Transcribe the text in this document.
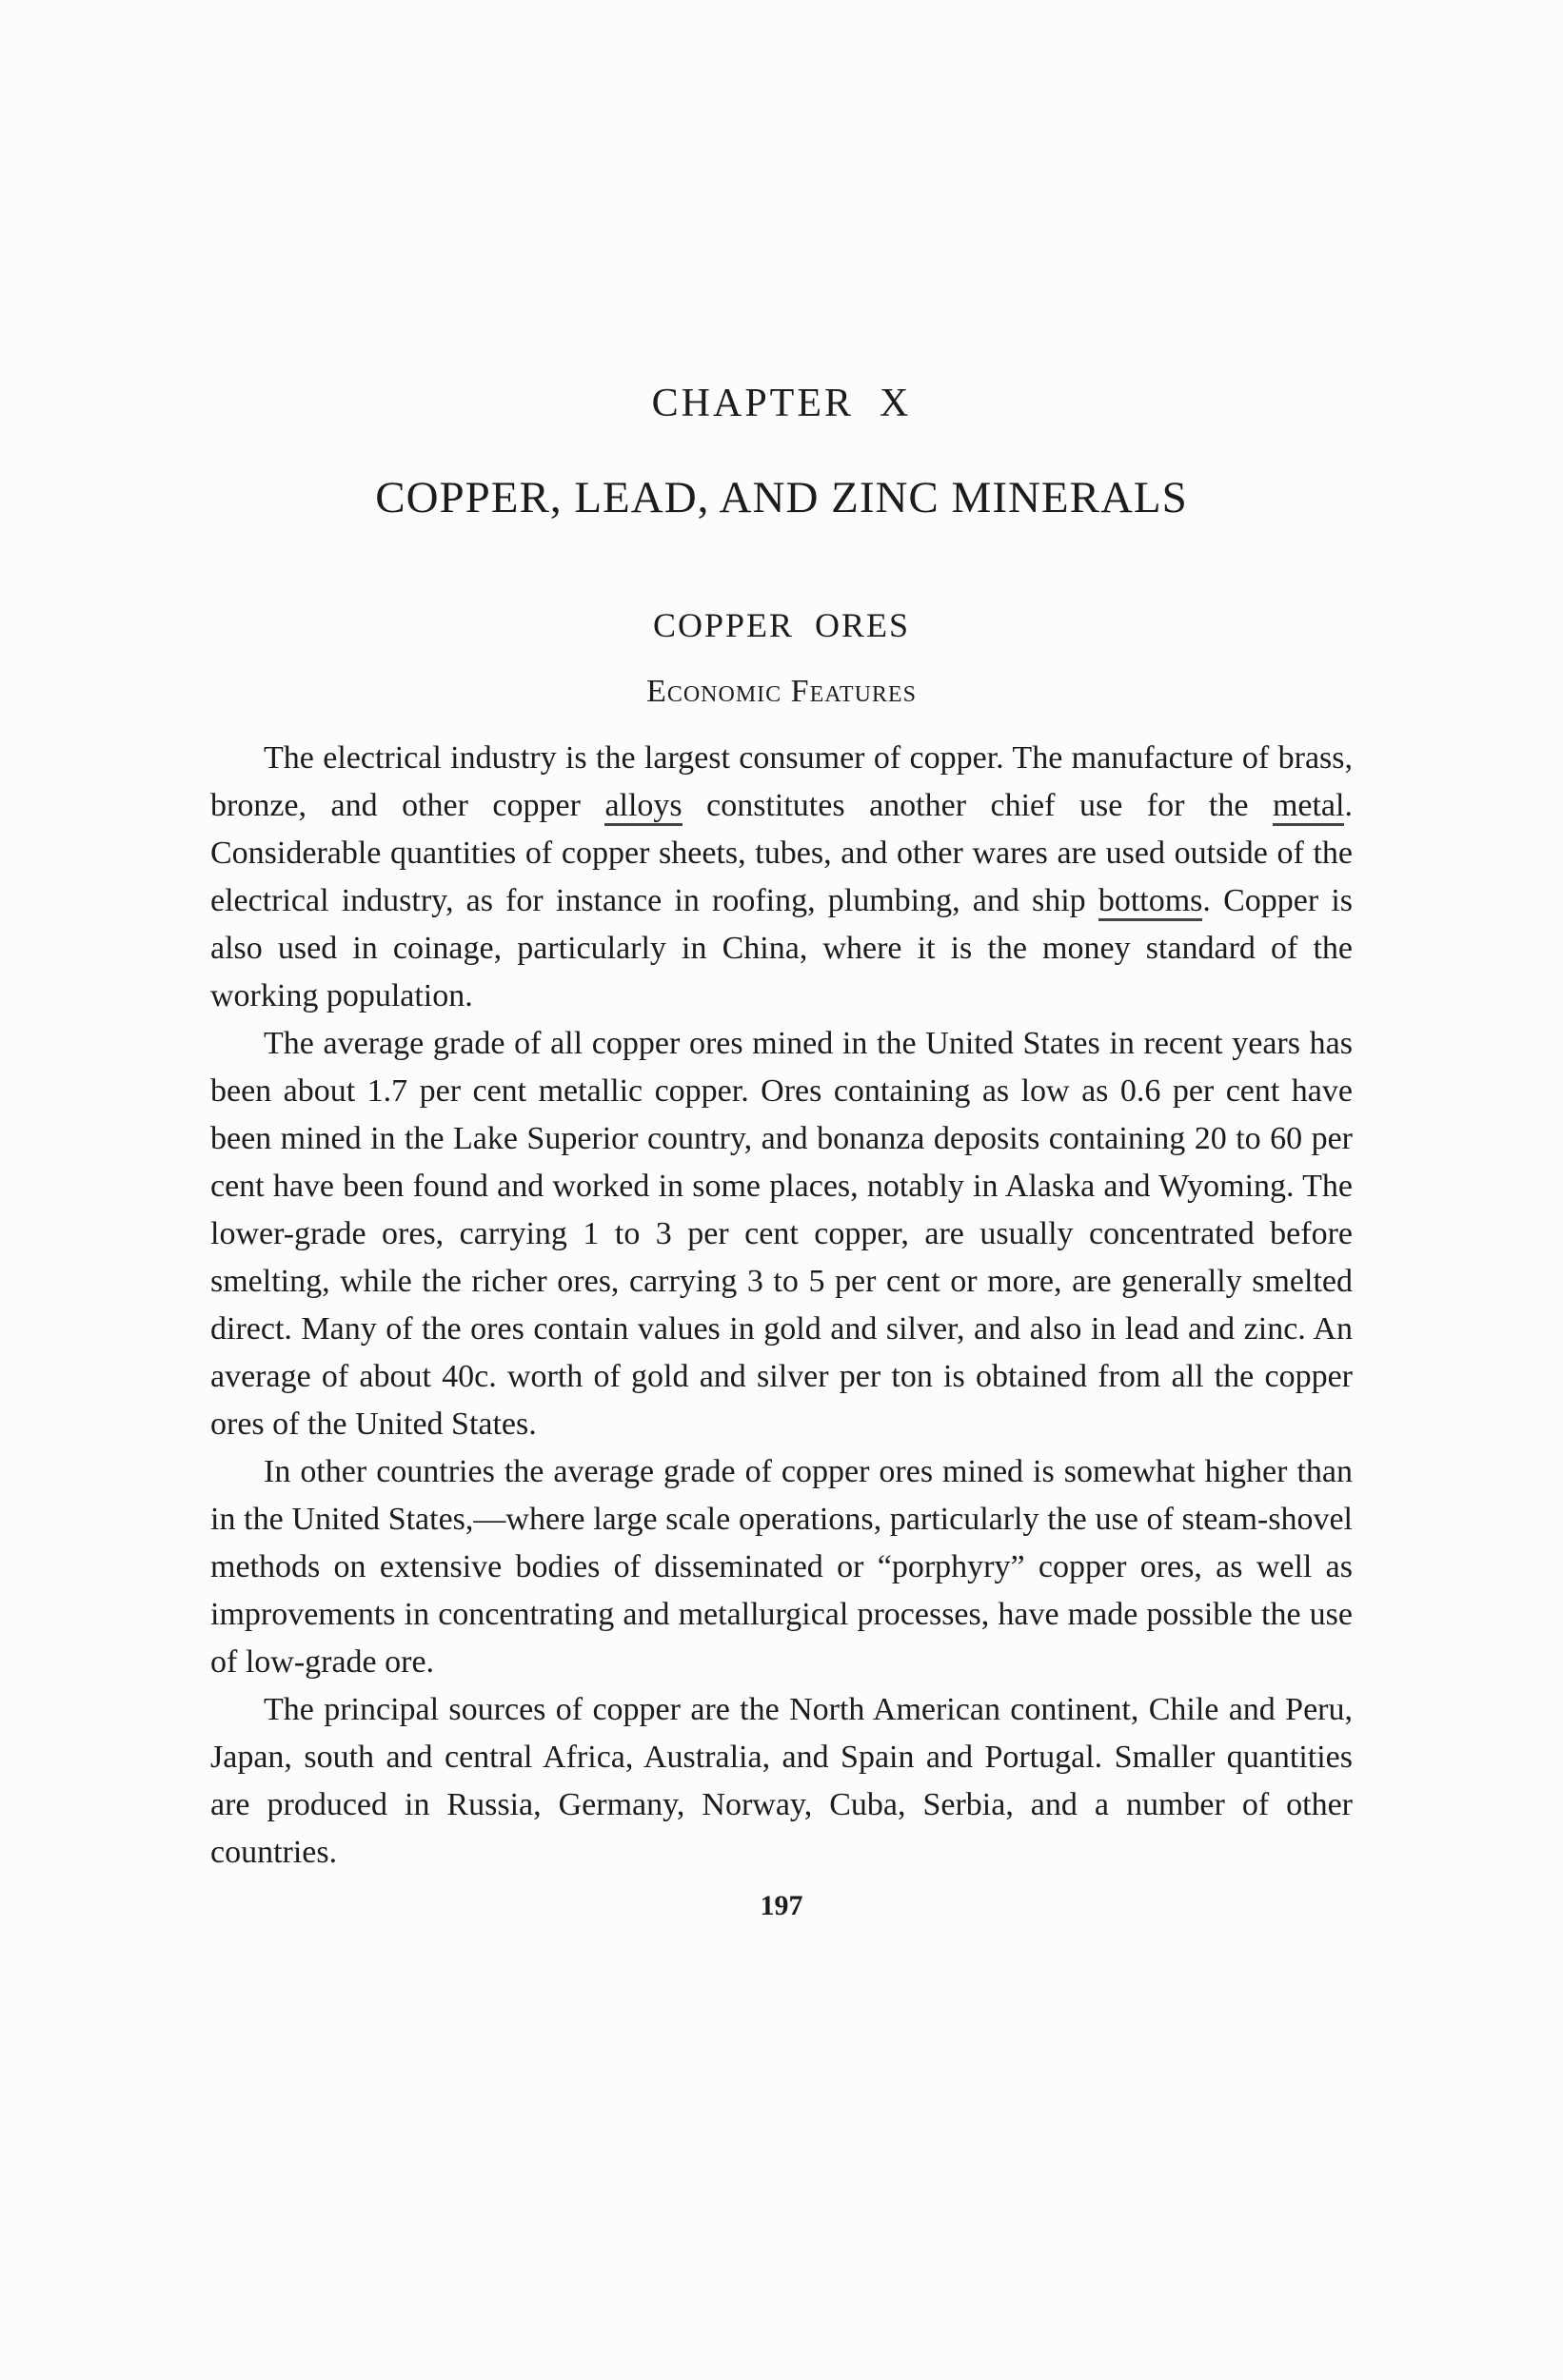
CHAPTER  X
COPPER, LEAD, AND ZINC MINERALS
COPPER  ORES
Economic Features

The electrical industry is the largest consumer of copper. The manufacture of brass, bronze, and other copper alloys constitutes another chief use for the metal. Considerable quantities of copper sheets, tubes, and other wares are used outside of the electrical industry, as for instance in roofing, plumbing, and ship bottoms. Copper is also used in coinage, particularly in China, where it is the money standard of the working population.

The average grade of all copper ores mined in the United States in recent years has been about 1.7 per cent metallic copper. Ores containing as low as 0.6 per cent have been mined in the Lake Superior country, and bonanza deposits containing 20 to 60 per cent have been found and worked in some places, notably in Alaska and Wyoming. The lower-grade ores, carrying 1 to 3 per cent copper, are usually concentrated before smelting, while the richer ores, carrying 3 to 5 per cent or more, are generally smelted direct. Many of the ores contain values in gold and silver, and also in lead and zinc. An average of about 40c. worth of gold and silver per ton is obtained from all the copper ores of the United States.

In other countries the average grade of copper ores mined is somewhat higher than in the United States,—where large scale operations, particularly the use of steam-shovel methods on extensive bodies of disseminated or “porphyry” copper ores, as well as improvements in concentrating and metallurgical processes, have made possible the use of low-grade ore.

The principal sources of copper are the North American continent, Chile and Peru, Japan, south and central Africa, Australia, and Spain and Portugal. Smaller quantities are produced in Russia, Germany, Norway, Cuba, Serbia, and a number of other countries.

197
